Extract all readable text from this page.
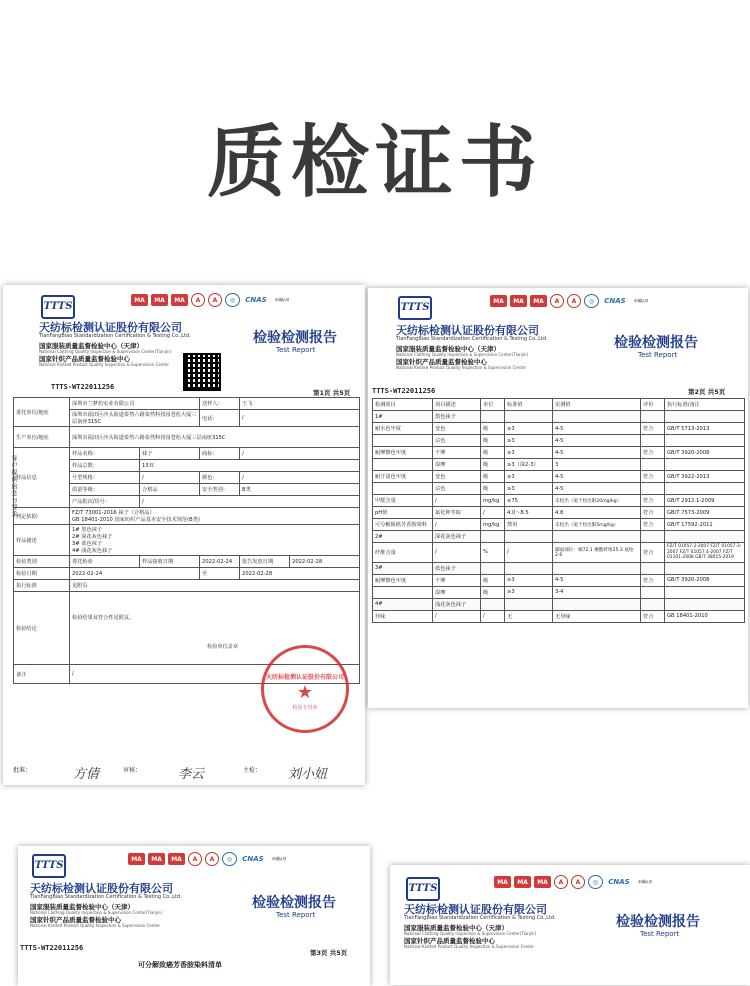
质检证书
TTTS
MA	MA	MA	A	A	◎	CNAS	中国认可
天纺标检测认证股份有限公司
TianFangBiao Standardization Certification & Testing Co.,Ltd.
国家服装质量监督检验中心（天津）
National Clothing Quality Inspection & Supervision Center(Tianjin)
国家针织产品质量监督检验中心
National Knitted Product Quality Inspection & Supervision Center
检验检测报告
Test Report
TTTS-WT22011256
第1页 共5页
客户提供信息与要求
委托单位/地址	深圳市兰梦坊实业有限公司		送样人：	王飞	
	深圳市福田区沙头街道泰然六路泰然科技园苍松大厦三层南座315C		电话：	/	
生产单位/地址	深圳市福田区沙头街道泰然六路泰然科技园苍松大厦三层南座315C				
样品信息	样品名称：	袜子	商标：	/	
	样品总数：	13双			
	号型规格：	/	颜色：	/	
	质量等级：	合格品	安全类别：	B类	
	产品批次/货号：	/			
判定依据：	FZ/T 73001-2016 袜子（合格品）
GB 18401-2010 国家纺织产品基本安全技术规范(B类)				

样品描述	1# 黑色袜子
2# 深花灰色袜子
3# 蓝色袜子
4# 浅花灰色袜子				

检验类别	委托检验	样品接收日期	2022-02-24	报告发放日期	2022-02-28
检验日期	2022-02-24		至	2022-02-28	
执行标准	见附页				
检验结论	检验结果及符合性见附页。
检验单位盖章				

备注	/					天纺标检测认证股份有限公司
★
检验专用章
批准：	方倩	审核：	李云	主检： 刘小妞
TTTS
MA	MA	MA	A	A	◎	CNAS	中国认可
天纺标检测认证股份有限公司
TianFangBiao Standardization Certification & Testing Co.,Ltd.
国家服装质量监督检验中心（天津）
National Clothing Quality Inspection & Supervision Center(Tianjin)
国家针织产品质量监督检验中心
National Knitted Product Quality Inspection & Supervision Center
检验检测报告
Test Report
TTTS-WT22011256	第2页 共5页
检测项目	项目描述	单位	标准值	实测值	评价	执行标准/备注
1#	黑色袜子					
耐水色牢度	变色	级	≥3	4-5	符合	GB/T 5713-2013
	沾色	级	≥3	4-5		
耐摩擦色牢度	干摩	级	≥3	4-5	符合	GB/T 3920-2008
	湿摩	级	≥3（深2-3）	3		
耐汗渍色牢度	变色	级	≥3	4-5	符合	GB/T 3922-2013
	沾色	级	≥3	4-5		
甲醛含量	/	mg/kg	≤75	未检出（低于检出限20mg/kg）	符合	GB/T 2912.1-2009
pH值	氯化钾萃取	/	4.0～8.5	4.8	符合	GB/T 7573-2009
可分解致癌芳香胺染料	/	mg/kg	禁用	未检出（低于检出限5mg/kg）	符合	GB/T 17592-2011
2#	深花灰色袜子					
纤维含量	/	%	/	脚面部位：棉72.1 聚酯纤维25.3 氨纶2.6	符合	FZ/T 01057.2-2007 FZ/T 01057.3-2007 FZ/T 01057.4-2007 FZ/T 01101-2008 GB/T 38015-2019
3#	蓝色袜子					
耐摩擦色牢度	干摩	级	≥3	4-5	符合	GB/T 3920-2008
	湿摩	级	≥3	3-4		
4#	浅花灰色袜子					
异味	/	/	无	无异味	符合	GB 18401-2010
TTTS
MA	MA	MA	A	A	◎	CNAS	中国认可
天纺标检测认证股份有限公司
TianFangBiao Standardization Certification & Testing Co.,Ltd.
国家服装质量监督检验中心（天津）
National Clothing Quality Inspection & Supervision Center(Tianjin)
国家针织产品质量监督检验中心
National Knitted Product Quality Inspection & Supervision Center
检验检测报告
Test Report
TTTS-WT22011256
第3页 共5页
可分解致癌芳香胺染料清单
TTTS
MA	MA	MA	A	A	◎	CNAS	中国认可
天纺标检测认证股份有限公司
TianFangBiao Standardization Certification & Testing Co.,Ltd.
国家服装质量监督检验中心（天津）
National Clothing Quality Inspection & Supervision Center(Tianjin)
国家针织产品质量监督检验中心
National Knitted Product Quality Inspection & Supervision Center
检验检测报告
Test Report
